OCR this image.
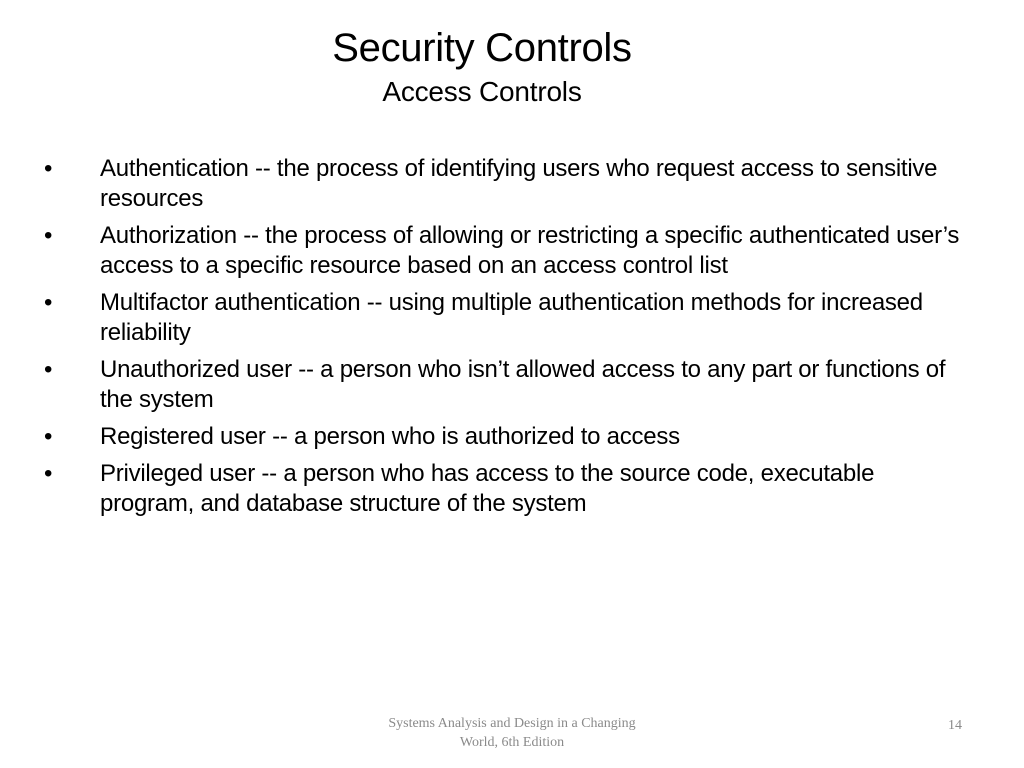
Security Controls
Access Controls
•	Authentication -- the process of identifying users who request access to sensitive resources
•	Authorization -- the process of allowing or restricting a specific authenticated user’s access to a specific resource based on an access control list
•	Multifactor authentication -- using multiple authentication methods for increased reliability
•	Unauthorized user -- a person who isn’t allowed access to any part or functions of the system
•	Registered user -- a person who is authorized to access
•	Privileged user -- a person who has access to the source code, executable program, and database structure of the system
Systems Analysis and Design in a Changing
World, 6th Edition
14
